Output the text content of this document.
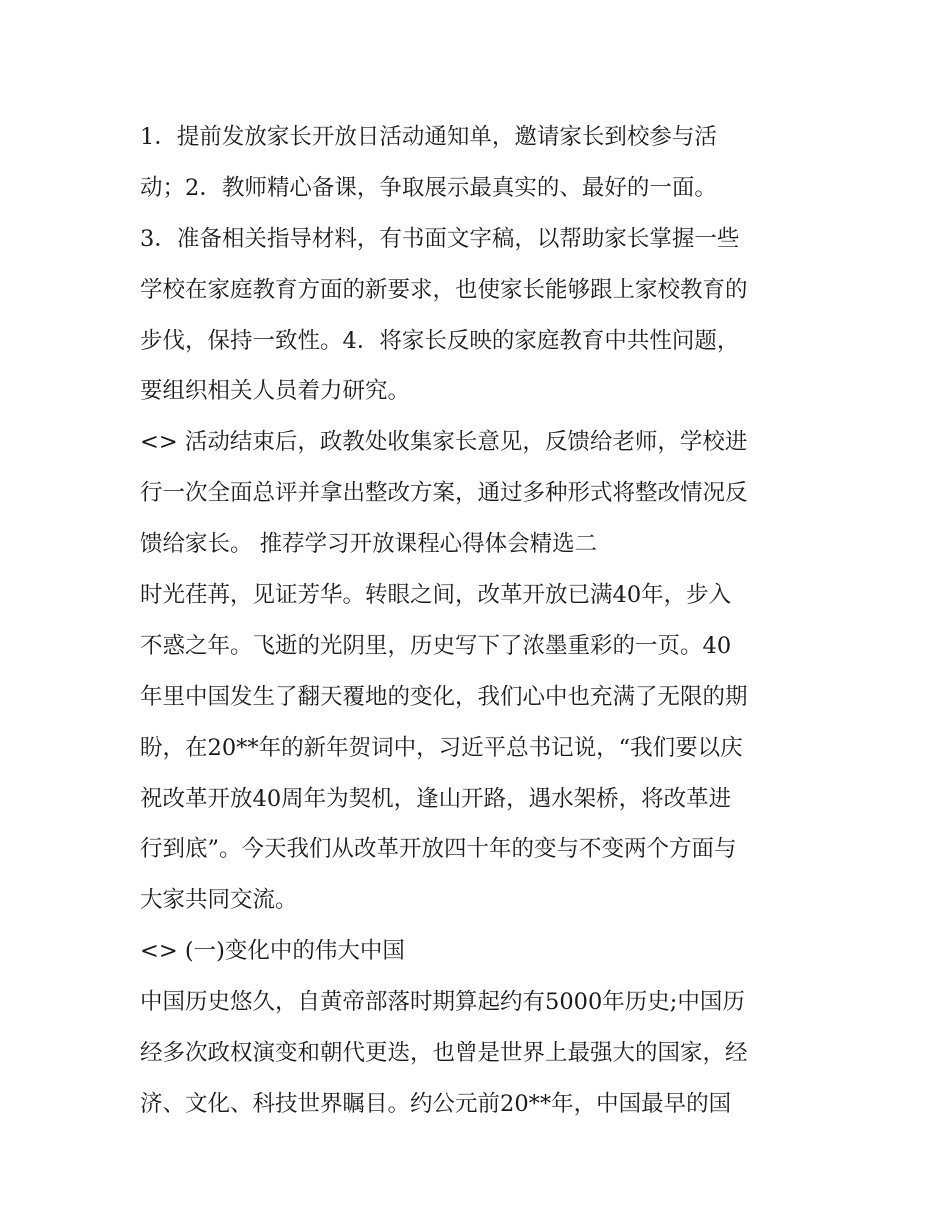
1．提前发放家长开放日活动通知单，邀请家长到校参与活
动；2．教师精心备课，争取展示最真实的、最好的一面。
3．准备相关指导材料，有书面文字稿，以帮助家长掌握一些
学校在家庭教育方面的新要求，也使家长能够跟上家校教育的
步伐，保持一致性。4．将家长反映的家庭教育中共性问题，
要组织相关人员着力研究。
<> 活动结束后，政教处收集家长意见，反馈给老师，学校进
行一次全面总评并拿出整改方案，通过多种形式将整改情况反
馈给家长。 推荐学习开放课程心得体会精选二
时光荏苒，见证芳华。转眼之间，改革开放已满40年，步入
不惑之年。飞逝的光阴里，历史写下了浓墨重彩的一页。40
年里中国发生了翻天覆地的变化，我们心中也充满了无限的期
盼，在20**年的新年贺词中，习近平总书记说，“我们要以庆
祝改革开放40周年为契机，逢山开路，遇水架桥，将改革进
行到底”。今天我们从改革开放四十年的变与不变两个方面与
大家共同交流。
<> (一)变化中的伟大中国
中国历史悠久，自黄帝部落时期算起约有5000年历史;中国历
经多次政权演变和朝代更迭，也曾是世界上最强大的国家，经
济、文化、科技世界瞩目。约公元前20**年，中国最早的国
